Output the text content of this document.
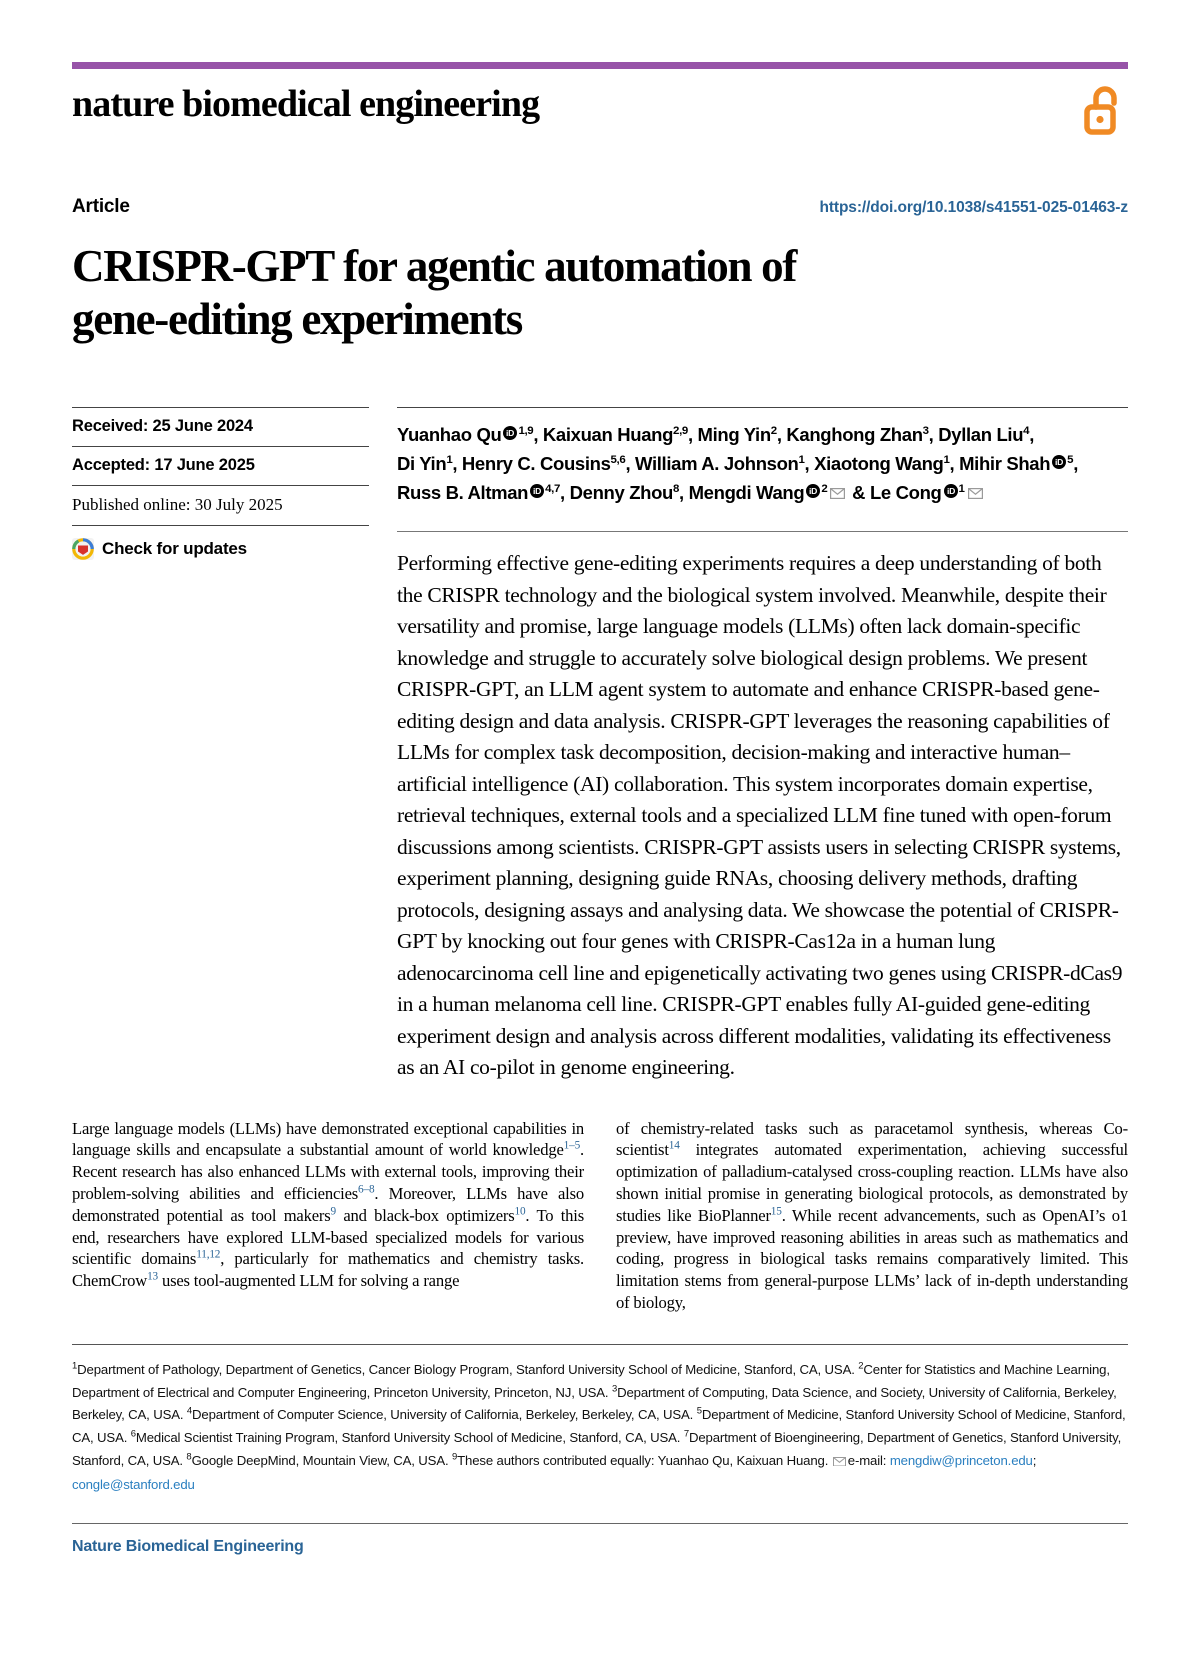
nature biomedical engineering
Article	https://doi.org/10.1038/s41551-025-01463-z
CRISPR-GPT for agentic automation of
gene-editing experiments
Received: 25 June 2024
Accepted: 17 June 2025
Published online: 30 July 2025
Check for updates
Yuanhao Qu iD $^{1,9}$, Kaixuan Huang$^{2,9}$, Ming Yin$^2$, Kanghong Zhan$^3$, Dyllan Liu$^4$,
Di Yin$^1$, Henry C. Cousins$^{5,6}$, William A. Johnson$^1$, Xiaotong Wang$^1$, Mihir Shah iD $^5$,
Russ B. Altman iD $^{4,7}$, Denny Zhou$^8$, Mengdi Wang iD $^2$ & Le Cong iD $^1$
Performing effective gene-editing experiments requires a deep understanding of both the CRISPR technology and the biological system involved. Meanwhile, despite their versatility and promise, large language models (LLMs) often lack domain-specific knowledge and struggle to accurately solve biological design problems. We present CRISPR-GPT, an LLM agent system to automate and enhance CRISPR-based gene-editing design and data analysis. CRISPR-GPT leverages the reasoning capabilities of LLMs for complex task decomposition, decision-making and interactive human–artificial intelligence (AI) collaboration. This system incorporates domain expertise, retrieval techniques, external tools and a specialized LLM fine tuned with open-forum discussions among scientists. CRISPR-GPT assists users in selecting CRISPR systems, experiment planning, designing guide RNAs, choosing delivery methods, drafting protocols, designing assays and analysing data. We showcase the potential of CRISPR-GPT by knocking out four genes with CRISPR-Cas12a in a human lung adenocarcinoma cell line and epigenetically activating two genes using CRISPR-dCas9 in a human melanoma cell line. CRISPR-GPT enables fully AI-guided gene-editing experiment design and analysis across different modalities, validating its effectiveness as an AI co-pilot in genome engineering.

Large language models (LLMs) have demonstrated exceptional capabilities in language skills and encapsulate a substantial amount of world knowledge$^{1-5}$. Recent research has also enhanced LLMs with external tools, improving their problem-solving abilities and efficiencies$^{6-8}$. Moreover, LLMs have also demonstrated potential as tool makers$^9$ and black-box optimizers$^{10}$. To this end, researchers have explored LLM-based specialized models for various scientific domains$^{11,12}$, particularly for mathematics and chemistry tasks. ChemCrow$^{13}$ uses tool-augmented LLM for solving a range

of chemistry-related tasks such as paracetamol synthesis, whereas Co-scientist$^{14}$ integrates automated experimentation, achieving successful optimization of palladium-catalysed cross-coupling reaction. LLMs have also shown initial promise in generating biological protocols, as demonstrated by studies like BioPlanner$^{15}$. While recent advancements, such as OpenAI’s o1 preview, have improved reasoning abilities in areas such as mathematics and coding, progress in biological tasks remains comparatively limited. This limitation stems from general-purpose LLMs’ lack of in-depth understanding of biology,

$^1$Department of Pathology, Department of Genetics, Cancer Biology Program, Stanford University School of Medicine, Stanford, CA, USA. $^2$Center for Statistics and Machine Learning, Department of Electrical and Computer Engineering, Princeton University, Princeton, NJ, USA. $^3$Department of Computing, Data Science, and Society, University of California, Berkeley, Berkeley, CA, USA. $^4$Department of Computer Science, University of California, Berkeley, Berkeley, CA, USA. $^5$Department of Medicine, Stanford University School of Medicine, Stanford, CA, USA. $^6$Medical Scientist Training Program, Stanford University School of Medicine, Stanford, CA, USA. $^7$Department of Bioengineering, Department of Genetics, Stanford University, Stanford, CA, USA. $^8$Google DeepMind, Mountain View, CA, USA. $^9$These authors contributed equally: Yuanhao Qu, Kaixuan Huang. e-mail: mengdiw@princeton.edu; congle@stanford.edu
Nature Biomedical Engineering
